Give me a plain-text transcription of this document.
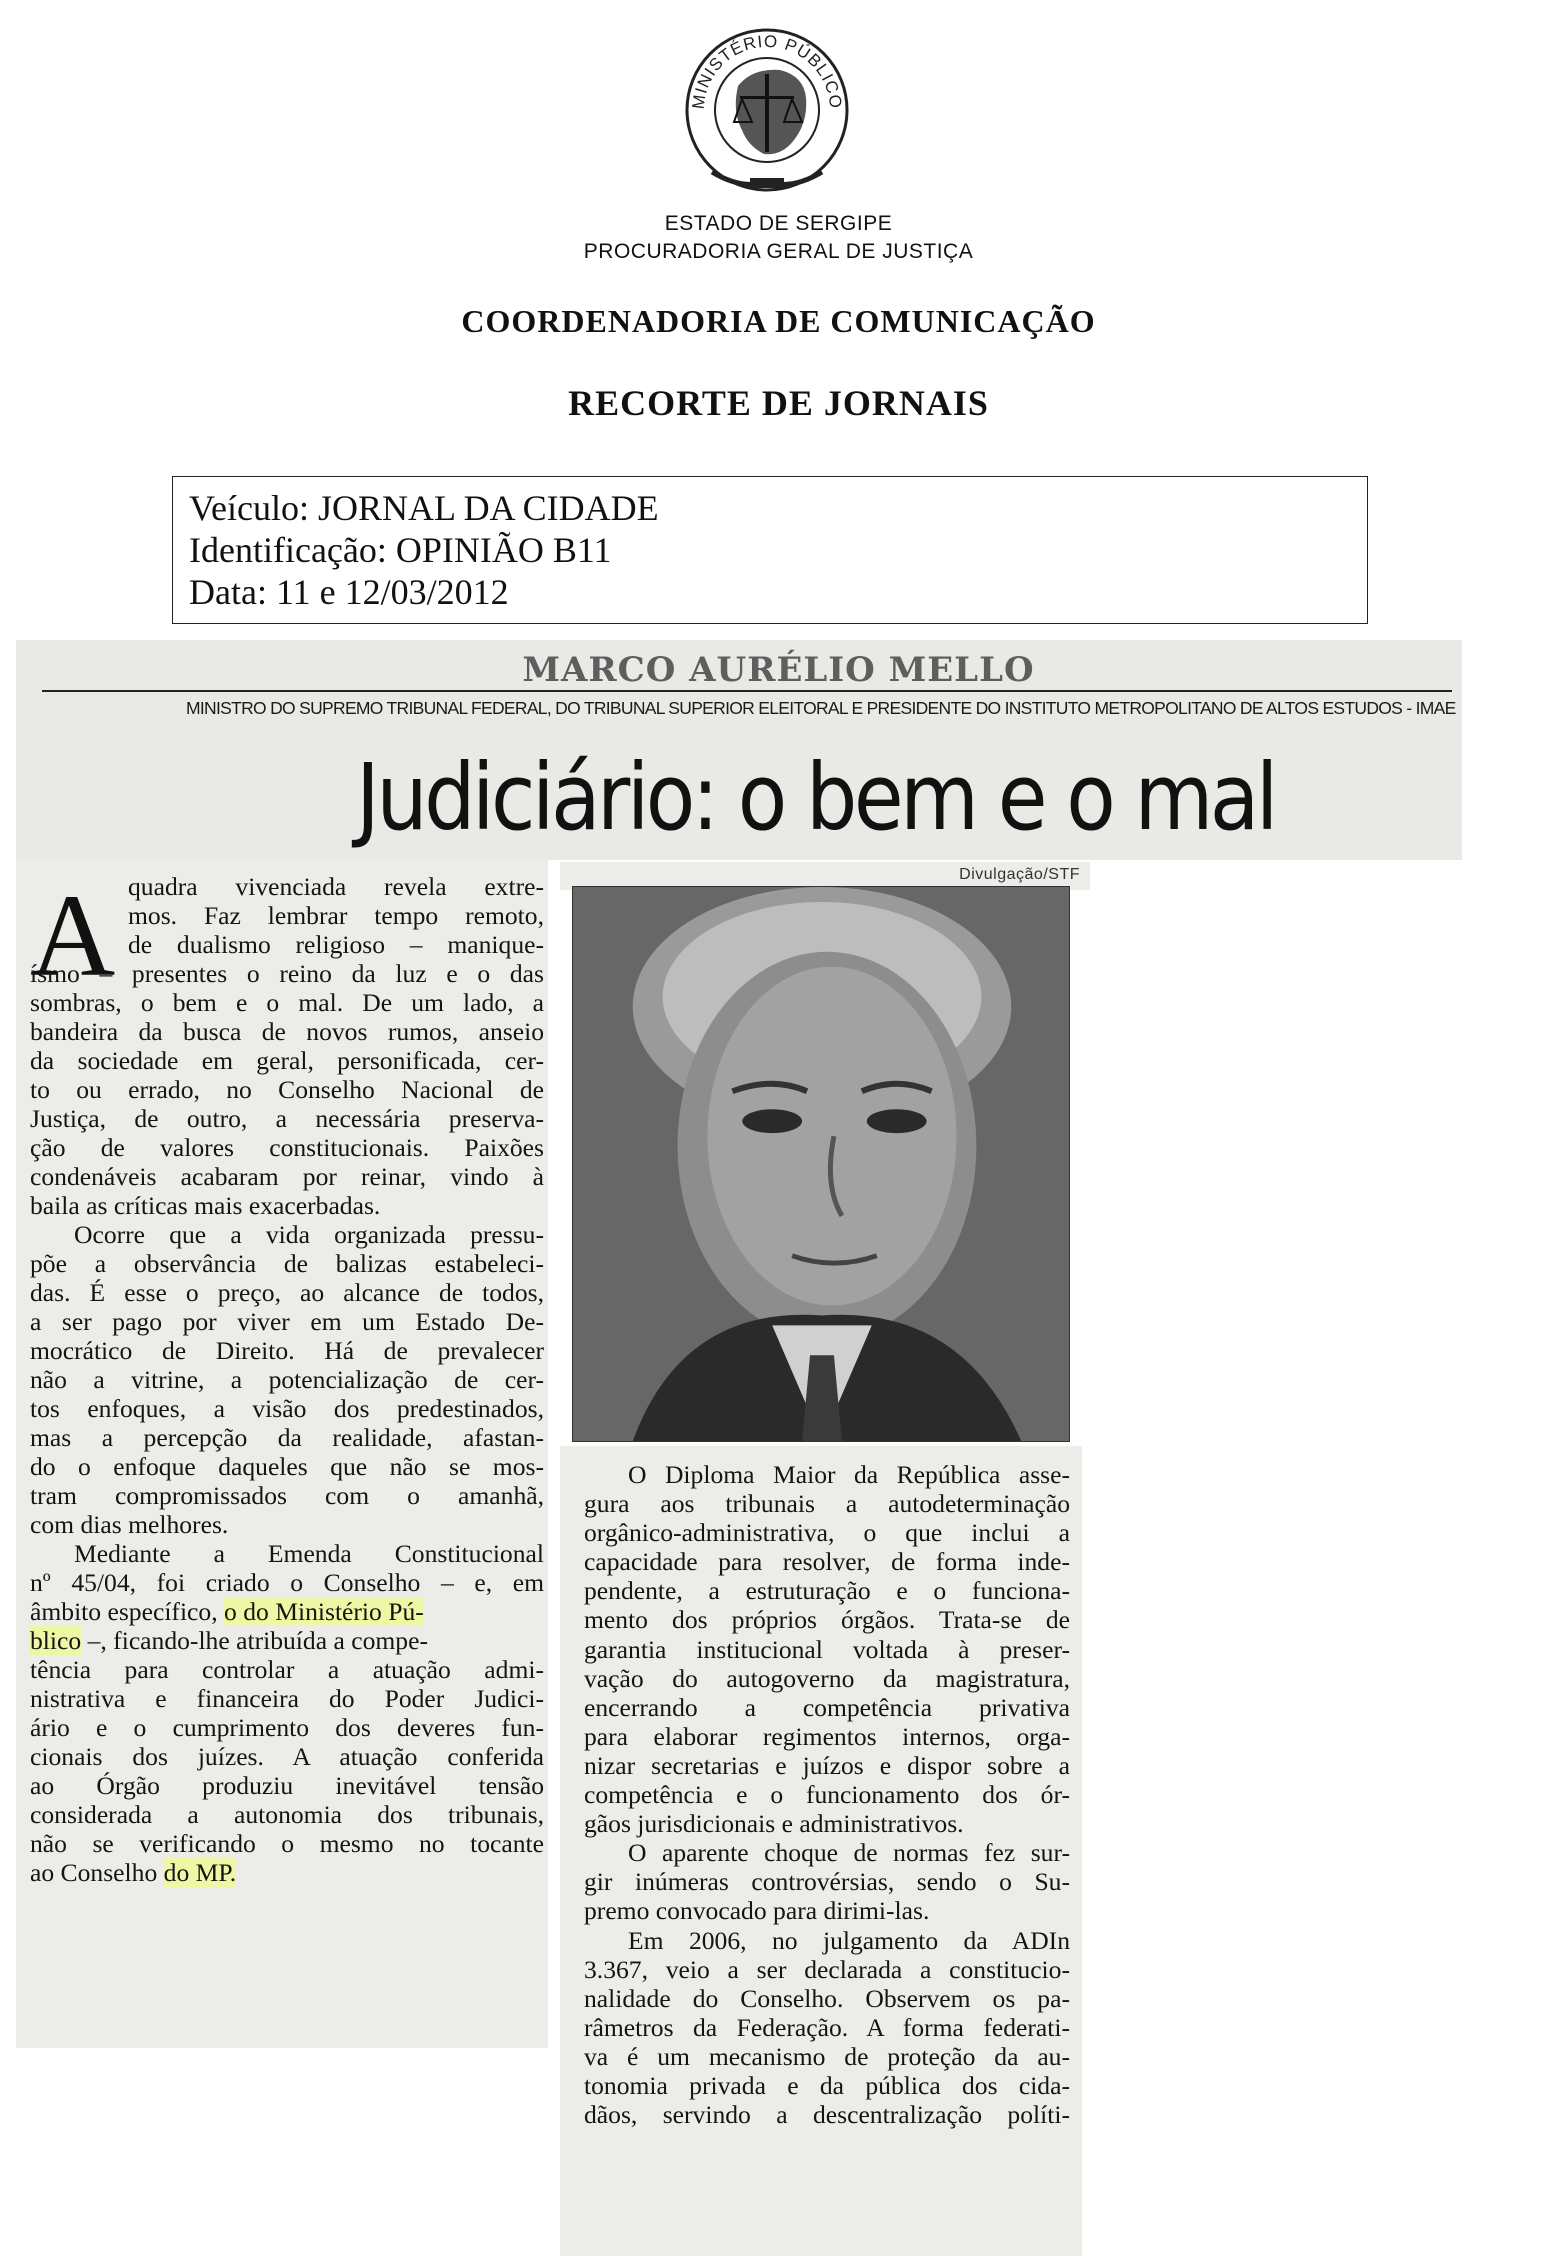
MINISTÉRIO PÚBLICO
ESTADO DE SERGIPE
PROCURADORIA GERAL DE JUSTIÇA
COORDENADORIA DE COMUNICAÇÃO
RECORTE DE JORNAIS
Veículo: JORNAL DA CIDADE
Identificação: OPINIÃO B11
Data: 11 e 12/03/2012
MARCO AURÉLIO MELLO
MINISTRO DO SUPREMO TRIBUNAL FEDERAL, DO TRIBUNAL SUPERIOR ELEITORAL E PRESIDENTE DO INSTITUTO METROPOLITANO DE ALTOS ESTUDOS - IMAE
Judiciário: o bem e o mal
Divulgação/STF
A quadra vivenciada revela extre-
mos. Faz lembrar tempo remoto,
de dualismo religioso – manique-
ísmo – presentes o reino da luz e o das
sombras, o bem e o mal. De um lado, a
bandeira da busca de novos rumos, anseio
da sociedade em geral, personificada, cer-
to ou errado, no Conselho Nacional de
Justiça, de outro, a necessária preserva-
ção de valores constitucionais. Paixões
condenáveis acabaram por reinar, vindo à
baila as críticas mais exacerbadas.
Ocorre que a vida organizada pressu-
põe a observância de balizas estabeleci-
das. É esse o preço, ao alcance de todos,
a ser pago por viver em um Estado De-
mocrático de Direito. Há de prevalecer
não a vitrine, a potencialização de cer-
tos enfoques, a visão dos predestinados,
mas a percepção da realidade, afastan-
do o enfoque daqueles que não se mos-
tram compromissados com o amanhã,
com dias melhores.
Mediante a Emenda Constitucional
nº 45/04, foi criado o Conselho – e, em
âmbito específico, o do Ministério Pú-
blico –, ficando-lhe atribuída a compe-
tência para controlar a atuação admi-
nistrativa e financeira do Poder Judici-
ário e o cumprimento dos deveres fun-
cionais dos juízes. A atuação conferida
ao Órgão produziu inevitável tensão
considerada a autonomia dos tribunais,
não se verificando o mesmo no tocante
ao Conselho do MP.
O Diploma Maior da República asse-
gura aos tribunais a autodeterminação
orgânico-administrativa, o que inclui a
capacidade para resolver, de forma inde-
pendente, a estruturação e o funciona-
mento dos próprios órgãos. Trata-se de
garantia institucional voltada à preser-
vação do autogoverno da magistratura,
encerrando a competência privativa
para elaborar regimentos internos, orga-
nizar secretarias e juízos e dispor sobre a
competência e o funcionamento dos ór-
gãos jurisdicionais e administrativos.
O aparente choque de normas fez sur-
gir inúmeras controvérsias, sendo o Su-
premo convocado para dirimi-las.
Em 2006, no julgamento da ADIn
3.367, veio a ser declarada a constitucio-
nalidade do Conselho. Observem os pa-
râmetros da Federação. A forma federati-
va é um mecanismo de proteção da au-
tonomia privada e da pública dos cida-
dãos, servindo a descentralização políti-
